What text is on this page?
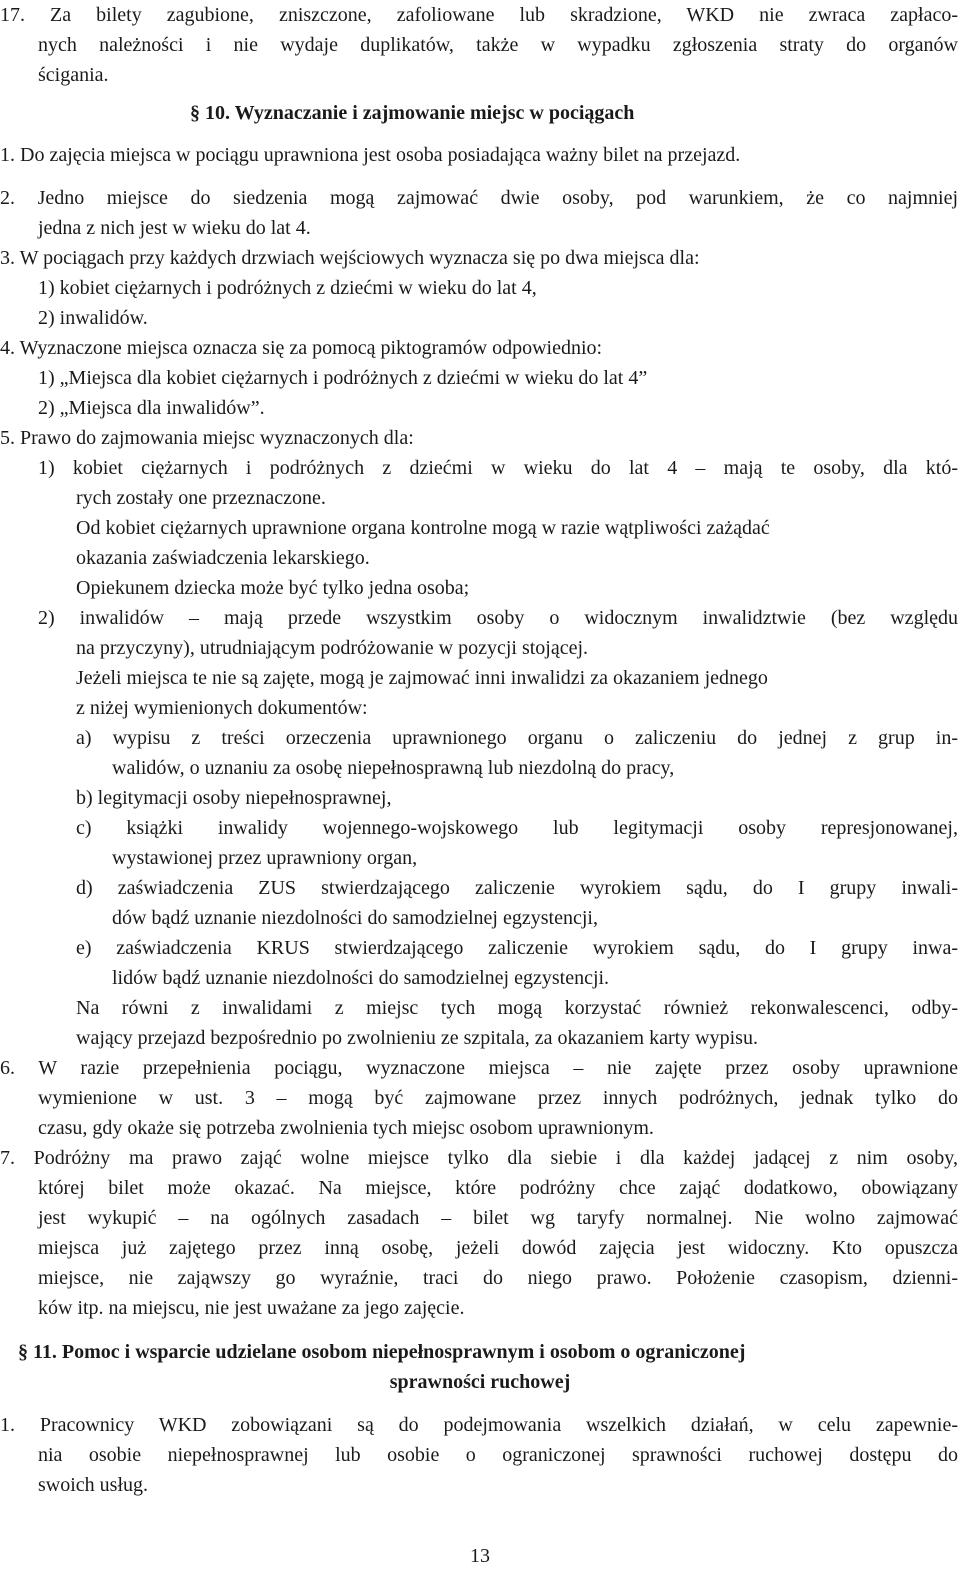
17. Za bilety zagubione, zniszczone, zafoliowane lub skradzione, WKD nie zwraca zapłaco-
nych należności i nie wydaje duplikatów, także w wypadku zgłoszenia straty do organów
ścigania.
§ 10. Wyznaczanie i zajmowanie miejsc w pociągach
1. Do zajęcia miejsca w pociągu uprawniona jest osoba posiadająca ważny bilet na przejazd.
2. Jedno miejsce do siedzenia mogą zajmować dwie osoby, pod warunkiem, że co najmniej
jedna z nich jest w wieku do lat 4.
3. W pociągach przy każdych drzwiach wejściowych wyznacza się po dwa miejsca dla:
1) kobiet ciężarnych i podróżnych z dziećmi w wieku do lat 4,
2) inwalidów.
4. Wyznaczone miejsca oznacza się za pomocą piktogramów odpowiednio:
1) „Miejsca dla kobiet ciężarnych i podróżnych z dziećmi w wieku do lat 4”
2) „Miejsca dla inwalidów”.
5. Prawo do zajmowania miejsc wyznaczonych dla:
1) kobiet ciężarnych i podróżnych z dziećmi w wieku do lat 4 – mają te osoby, dla któ-
rych zostały one przeznaczone.
Od kobiet ciężarnych uprawnione organa kontrolne mogą w razie wątpliwości zażądać
okazania zaświadczenia lekarskiego.
Opiekunem dziecka może być tylko jedna osoba;
2) inwalidów – mają przede wszystkim osoby o widocznym inwalidztwie (bez względu
na przyczyny), utrudniającym podróżowanie w pozycji stojącej.
Jeżeli miejsca te nie są zajęte, mogą je zajmować inni inwalidzi za okazaniem jednego
z niżej wymienionych dokumentów:
a) wypisu z treści orzeczenia uprawnionego organu o zaliczeniu do jednej z grup in-
walidów, o uznaniu za osobę niepełnosprawną lub niezdolną do pracy,
b) legitymacji osoby niepełnosprawnej,
c) książki inwalidy wojennego-wojskowego lub legitymacji osoby represjonowanej,
wystawionej przez uprawniony organ,
d) zaświadczenia ZUS stwierdzającego zaliczenie wyrokiem sądu, do I grupy inwali-
dów bądź uznanie niezdolności do samodzielnej egzystencji,
e) zaświadczenia KRUS stwierdzającego zaliczenie wyrokiem sądu, do I grupy inwa-
lidów bądź uznanie niezdolności do samodzielnej egzystencji.
Na równi z inwalidami z miejsc tych mogą korzystać również rekonwalescenci, odby-
wający przejazd bezpośrednio po zwolnieniu ze szpitala, za okazaniem karty wypisu.
6. W razie przepełnienia pociągu, wyznaczone miejsca – nie zajęte przez osoby uprawnione
wymienione w ust. 3 – mogą być zajmowane przez innych podróżnych, jednak tylko do
czasu, gdy okaże się potrzeba zwolnienia tych miejsc osobom uprawnionym.
7. Podróżny ma prawo zająć wolne miejsce tylko dla siebie i dla każdej jadącej z nim osoby,
której bilet może okazać. Na miejsce, które podróżny chce zająć dodatkowo, obowiązany
jest wykupić – na ogólnych zasadach – bilet wg taryfy normalnej. Nie wolno zajmować
miejsca już zajętego przez inną osobę, jeżeli dowód zajęcia jest widoczny. Kto opuszcza
miejsce, nie zająwszy go wyraźnie, traci do niego prawo. Położenie czasopism, dzienni-
ków itp. na miejscu, nie jest uważane za jego zajęcie.
§ 11. Pomoc i wsparcie udzielane osobom niepełnosprawnym i osobom o ograniczonej
sprawności ruchowej
1. Pracownicy WKD zobowiązani są do podejmowania wszelkich działań, w celu zapewnie-
nia osobie niepełnosprawnej lub osobie o ograniczonej sprawności ruchowej dostępu do
swoich usług.
13
